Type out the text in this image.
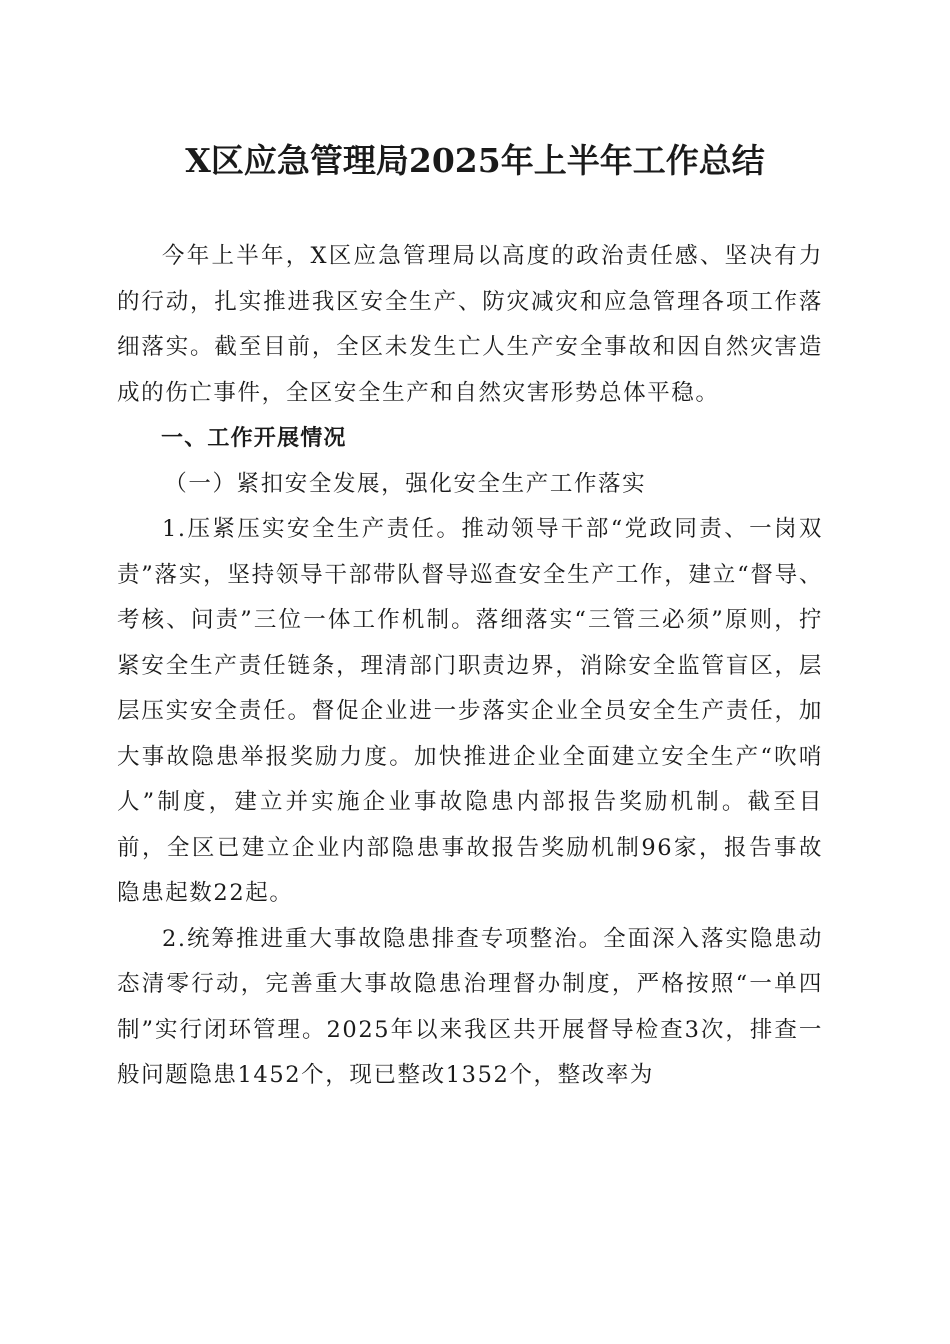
X区应急管理局2025年上半年工作总结

今年上半年，X区应急管理局以高度的政治责任感、坚决有力的行动，扎实推进我区安全生产、防灾减灾和应急管理各项工作落细落实。截至目前，全区未发生亡人生产安全事故和因自然灾害造成的伤亡事件，全区安全生产和自然灾害形势总体平稳。

一、工作开展情况

（一）紧扣安全发展，强化安全生产工作落实

1.压紧压实安全生产责任。推动领导干部“党政同责、一岗双责”落实，坚持领导干部带队督导巡查安全生产工作，建立“督导、考核、问责”三位一体工作机制。落细落实“三管三必须”原则，拧紧安全生产责任链条，理清部门职责边界，消除安全监管盲区，层层压实安全责任。督促企业进一步落实企业全员安全生产责任，加大事故隐患举报奖励力度。加快推进企业全面建立安全生产“吹哨人”制度，建立并实施企业事故隐患内部报告奖励机制。截至目前，全区已建立企业内部隐患事故报告奖励机制96家，报告事故隐患起数22起。

2.统筹推进重大事故隐患排查专项整治。全面深入落实隐患动态清零行动，完善重大事故隐患治理督办制度，严格按照“一单四制”实行闭环管理。2025年以来我区共开展督导检查3次，排查一般问题隐患1452个，现已整改1352个，整改率为
